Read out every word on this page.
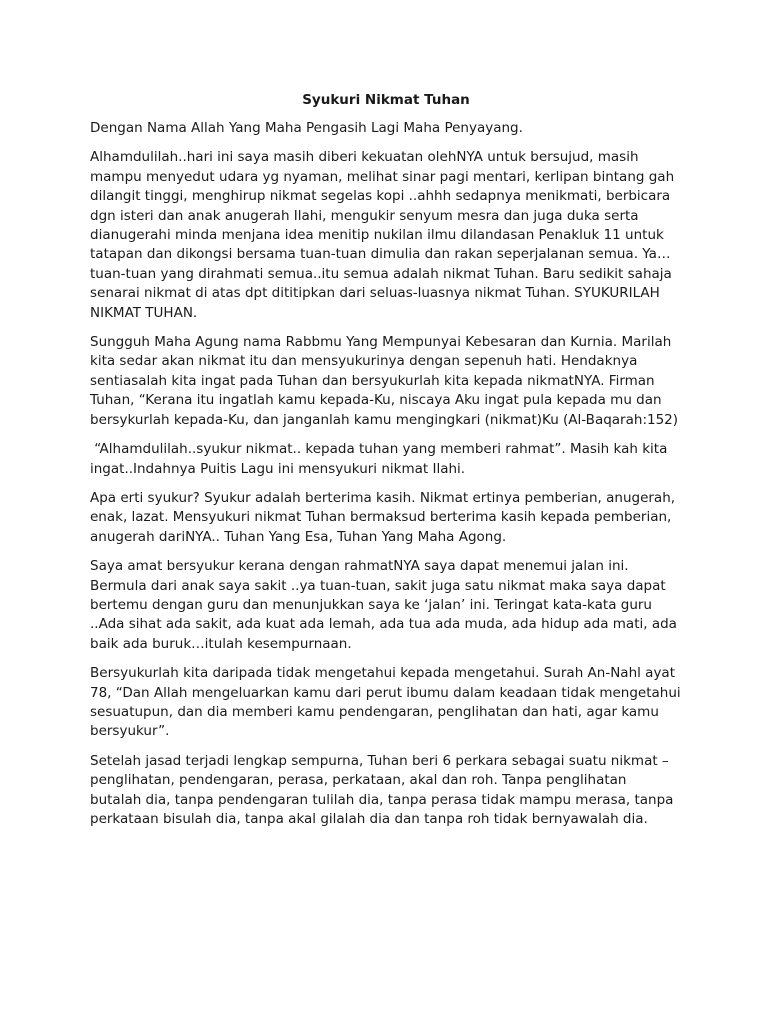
Syukuri Nikmat Tuhan

Dengan Nama Allah Yang Maha Pengasih Lagi Maha Penyayang.

Alhamdulilah..hari ini saya masih diberi kekuatan olehNYA untuk bersujud, masih mampu menyedut udara yg nyaman, melihat sinar pagi mentari, kerlipan bintang gah dilangit tinggi, menghirup nikmat segelas kopi ..ahhh sedapnya menikmati, berbicara dgn isteri dan anak anugerah Ilahi, mengukir senyum mesra dan juga duka serta dianugerahi minda menjana idea menitip nukilan ilmu dilandasan Penakluk 11 untuk tatapan dan dikongsi bersama tuan-tuan dimulia dan rakan seperjalanan semua. Ya… tuan-tuan yang dirahmati semua..itu semua adalah nikmat Tuhan. Baru sedikit sahaja senarai nikmat di atas dpt dititipkan dari seluas-luasnya nikmat Tuhan. SYUKURILAH NIKMAT TUHAN.

Sungguh Maha Agung nama Rabbmu Yang Mempunyai Kebesaran dan Kurnia. Marilah kita sedar akan nikmat itu dan mensyukurinya dengan sepenuh hati. Hendaknya sentiasalah kita ingat pada Tuhan dan bersyukurlah kita kepada nikmatNYA. Firman Tuhan, “Kerana itu ingatlah kamu kepada-Ku, niscaya Aku ingat pula kepada mu dan bersykurlah kepada-Ku, dan janganlah kamu mengingkari (nikmat)Ku (Al-Baqarah:152)

“Alhamdulilah..syukur nikmat.. kepada tuhan yang memberi rahmat”. Masih kah kita ingat..Indahnya Puitis Lagu ini mensyukuri nikmat Ilahi.

Apa erti syukur? Syukur adalah berterima kasih. Nikmat ertinya pemberian, anugerah, enak, lazat. Mensyukuri nikmat Tuhan bermaksud berterima kasih kepada pemberian, anugerah dariNYA.. Tuhan Yang Esa, Tuhan Yang Maha Agong.

Saya amat bersyukur kerana dengan rahmatNYA saya dapat menemui jalan ini. Bermula dari anak saya sakit ..ya tuan-tuan, sakit juga satu nikmat maka saya dapat bertemu dengan guru dan menunjukkan saya ke ‘jalan’ ini. Teringat kata-kata guru ..Ada sihat ada sakit, ada kuat ada lemah, ada tua ada muda, ada hidup ada mati, ada baik ada buruk…itulah kesempurnaan.

Bersyukurlah kita daripada tidak mengetahui kepada mengetahui. Surah An-Nahl ayat 78, “Dan Allah mengeluarkan kamu dari perut ibumu dalam keadaan tidak mengetahui sesuatupun, dan dia memberi kamu pendengaran, penglihatan dan hati, agar kamu bersyukur”.

Setelah jasad terjadi lengkap sempurna, Tuhan beri 6 perkara sebagai suatu nikmat – penglihatan, pendengaran, perasa, perkataan, akal dan roh. Tanpa penglihatan butalah dia, tanpa pendengaran tulilah dia, tanpa perasa tidak mampu merasa, tanpa perkataan bisulah dia, tanpa akal gilalah dia dan tanpa roh tidak bernyawalah dia.
